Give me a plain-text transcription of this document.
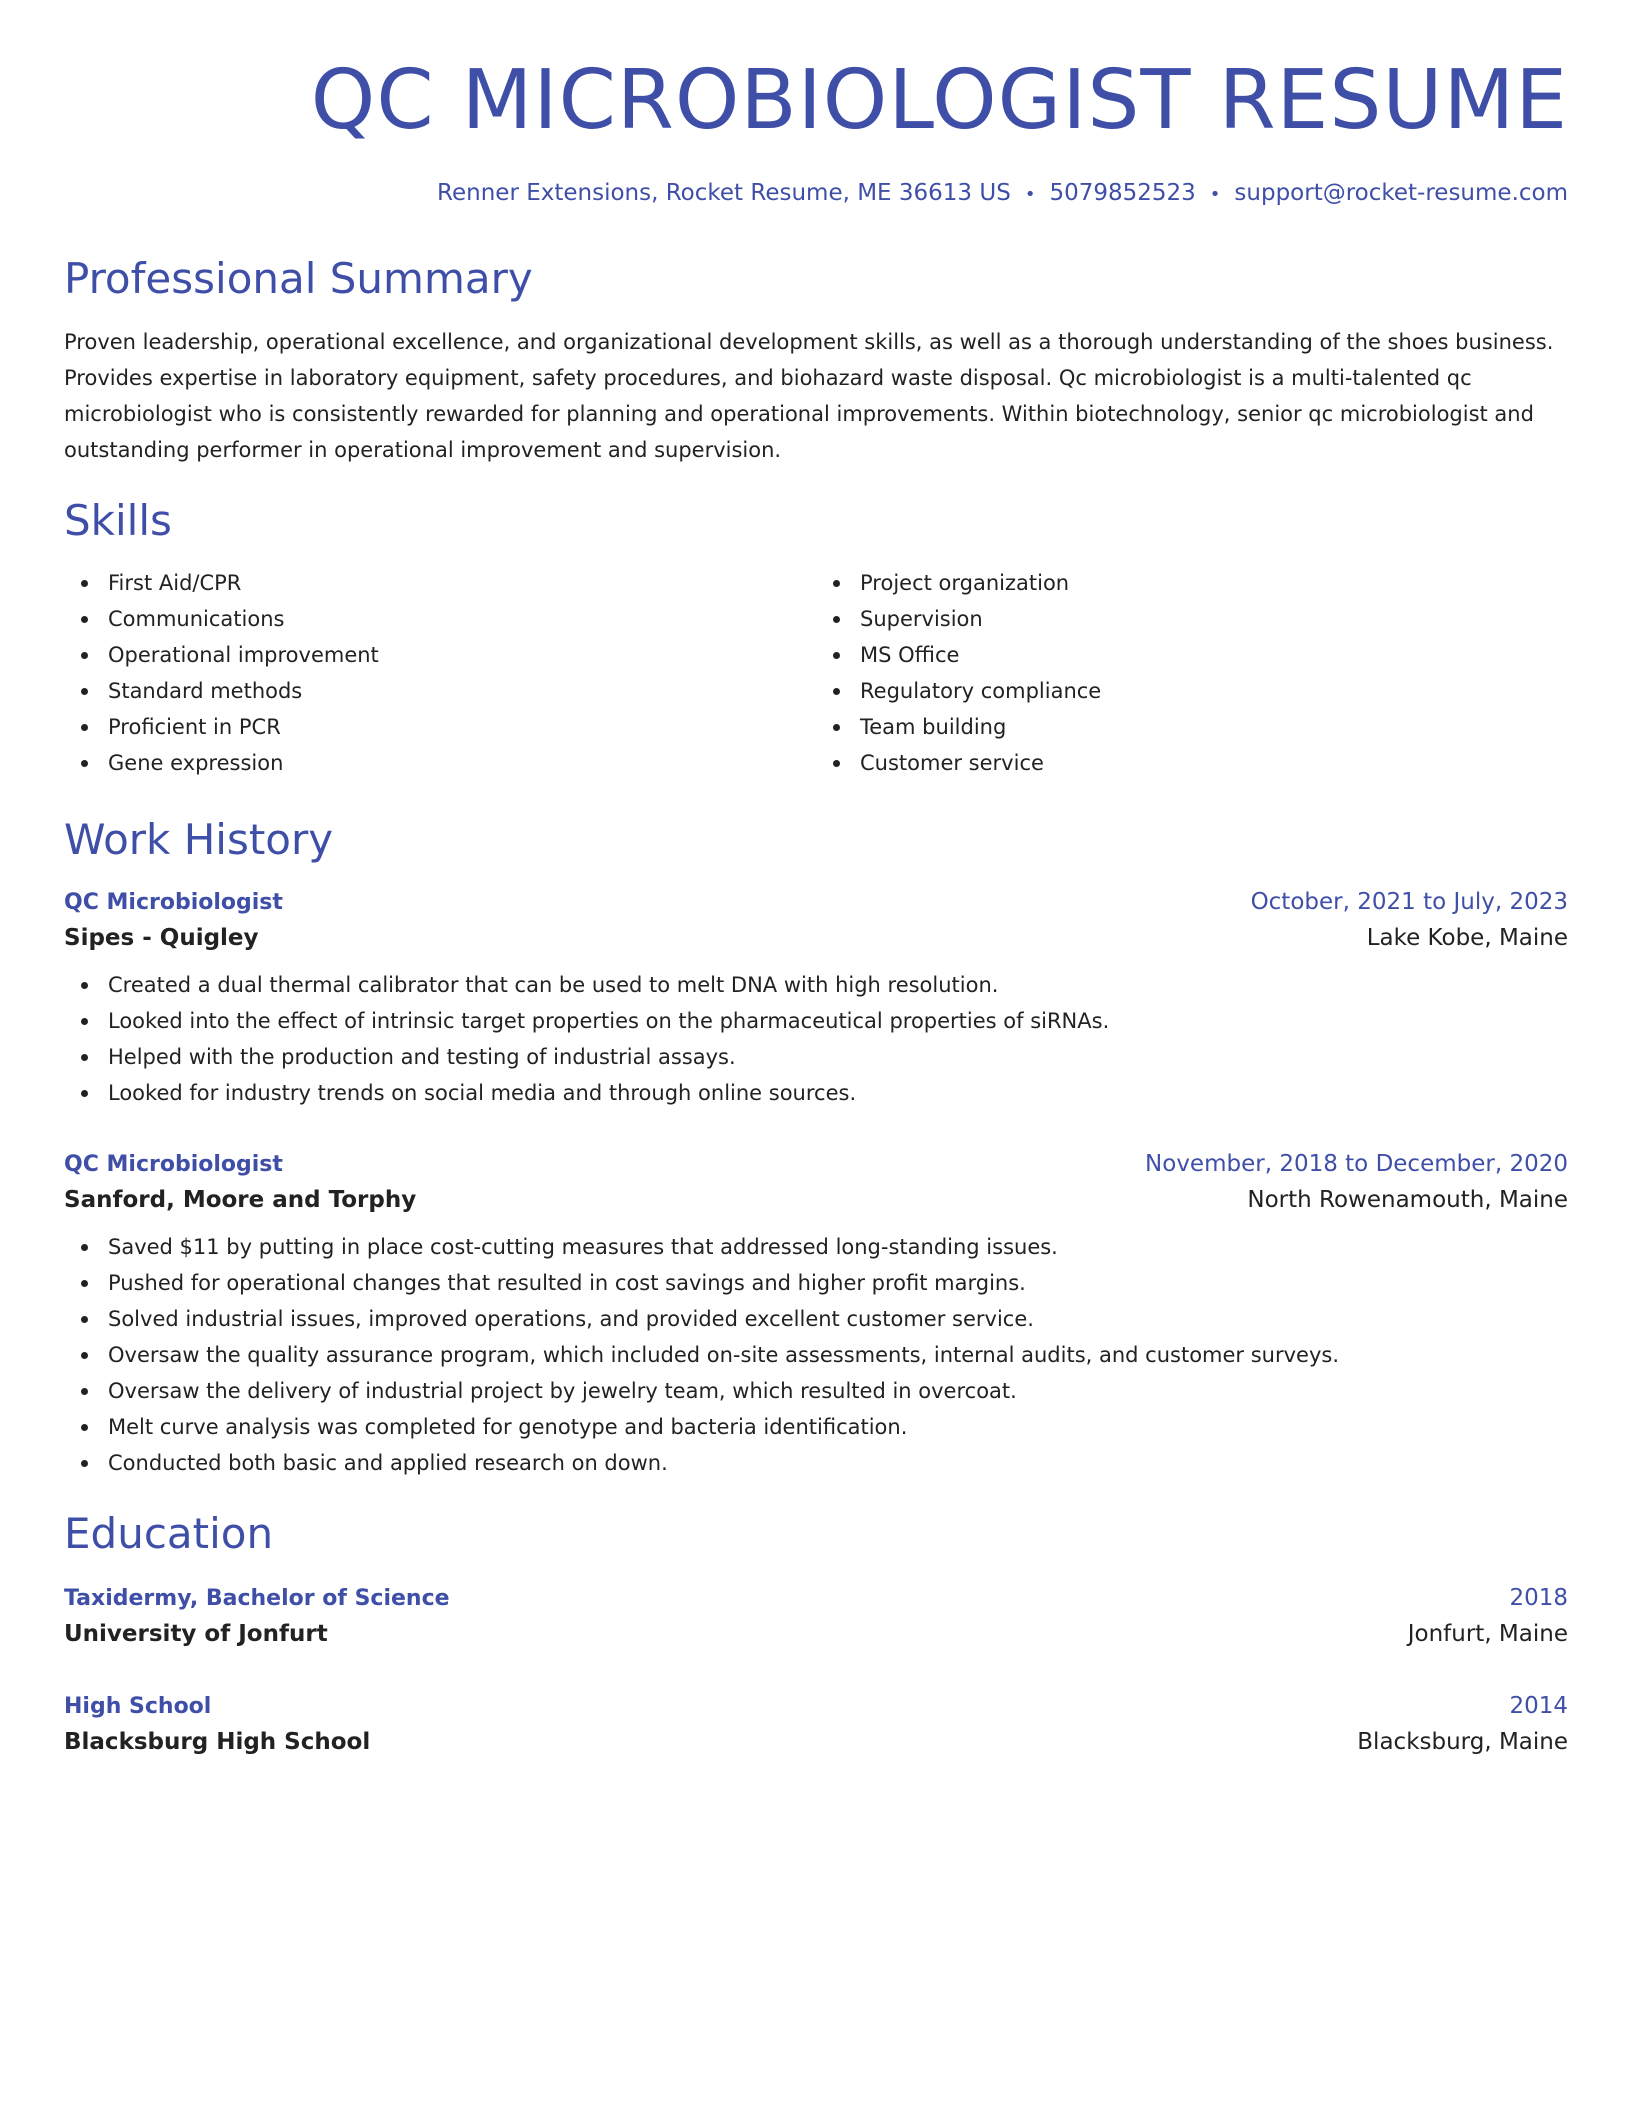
QC MICROBIOLOGIST RESUME
Renner Extensions, Rocket Resume, ME 36613 US • 5079852523 • support@rocket-resume.com
Professional Summary
Proven leadership, operational excellence, and organizational development skills, as well as a thorough understanding of the shoes business. Provides expertise in laboratory equipment, safety procedures, and biohazard waste disposal. Qc microbiologist is a multi-talented qc microbiologist who is consistently rewarded for planning and operational improvements. Within biotechnology, senior qc microbiologist and outstanding performer in operational improvement and supervision.
Skills
First Aid/CPR
Communications
Operational improvement
Standard methods
Proficient in PCR
Gene expression
Project organization
Supervision
MS Office
Regulatory compliance
Team building
Customer service
Work History
QC Microbiologist	October, 2021 to July, 2023
Sipes - Quigley	Lake Kobe, Maine
Created a dual thermal calibrator that can be used to melt DNA with high resolution.
Looked into the effect of intrinsic target properties on the pharmaceutical properties of siRNAs.
Helped with the production and testing of industrial assays.
Looked for industry trends on social media and through online sources.
QC Microbiologist	November, 2018 to December, 2020
Sanford, Moore and Torphy	North Rowenamouth, Maine
Saved $11 by putting in place cost-cutting measures that addressed long-standing issues.
Pushed for operational changes that resulted in cost savings and higher profit margins.
Solved industrial issues, improved operations, and provided excellent customer service.
Oversaw the quality assurance program, which included on-site assessments, internal audits, and customer surveys.
Oversaw the delivery of industrial project by jewelry team, which resulted in overcoat.
Melt curve analysis was completed for genotype and bacteria identification.
Conducted both basic and applied research on down.
Education
Taxidermy, Bachelor of Science	2018
University of Jonfurt	Jonfurt, Maine
High School	2014
Blacksburg High School	Blacksburg, Maine
